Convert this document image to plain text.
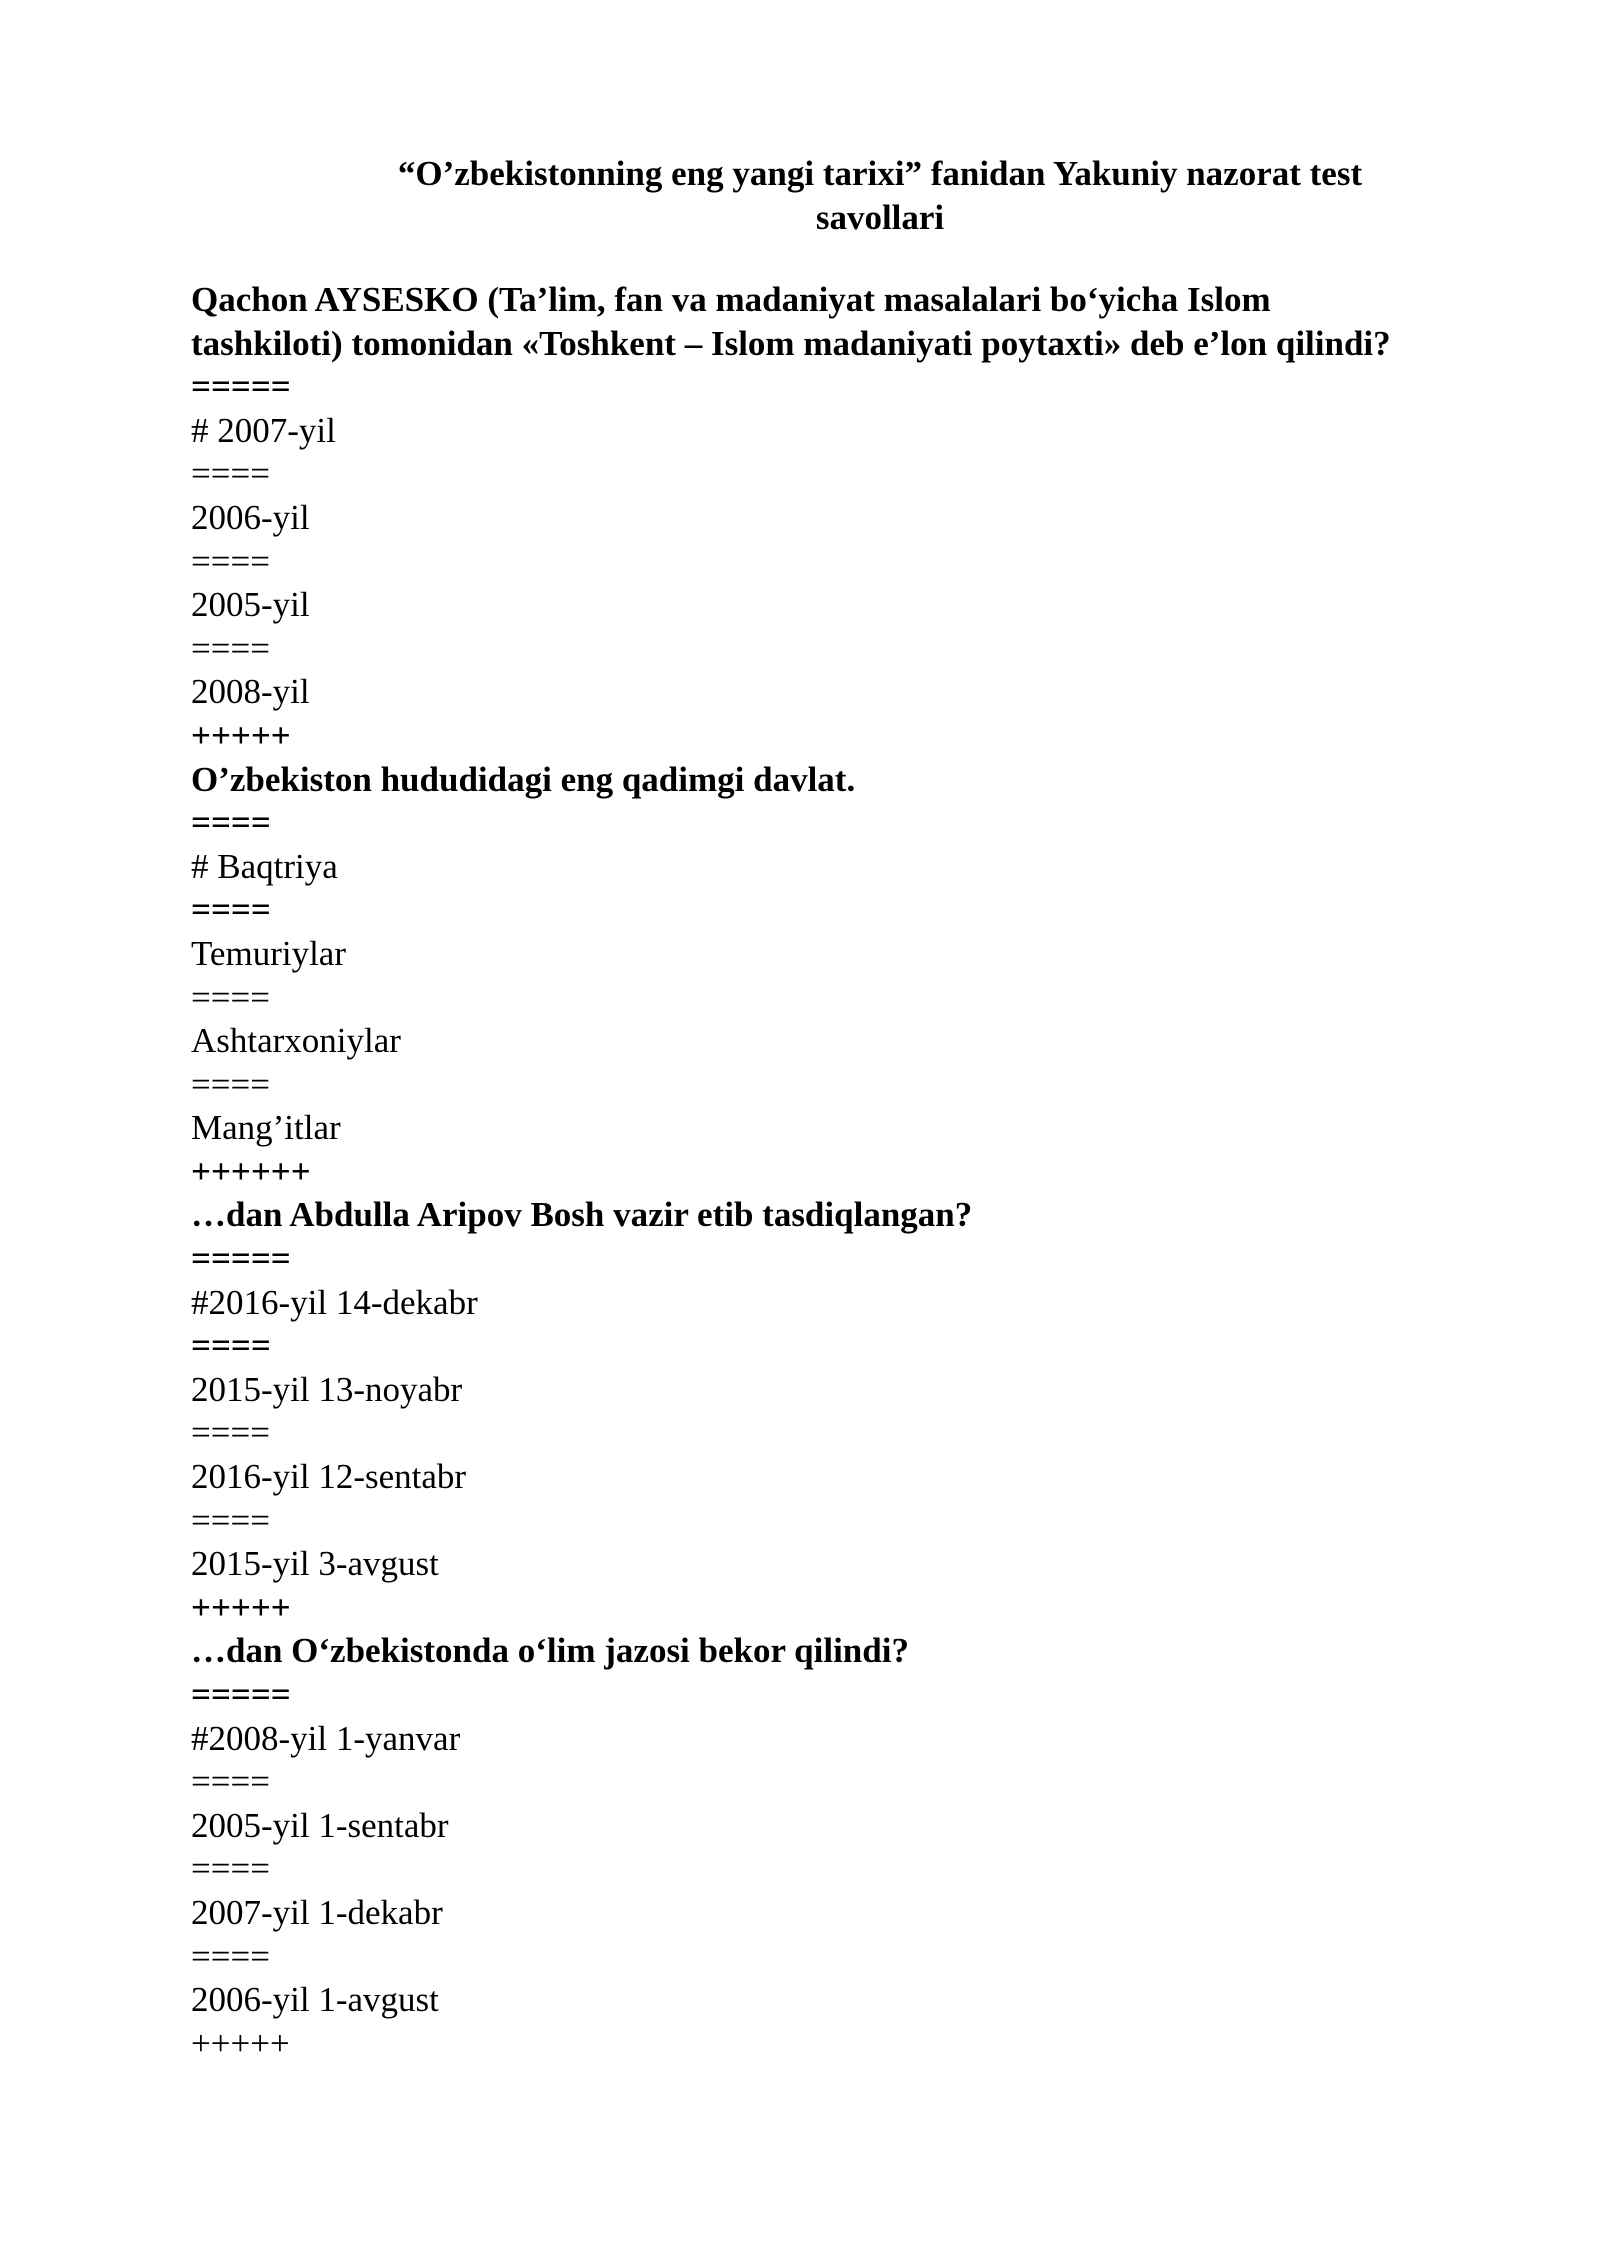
“O’zbekistonning eng yangi tarixi” fanidan Yakuniy nazorat test
savollari
Qachon AYSESKO (Ta’lim, fan va madaniyat masalalari bo‘yicha Islom
tashkiloti) tomonidan «Toshkent – Islom madaniyati poytaxti» deb e’lon qilindi?
=====
# 2007-yil
====
2006-yil
====
2005-yil
====
2008-yil
+++++
O’zbekiston hududidagi eng qadimgi davlat.
====
# Baqtriya
====
Temuriylar
====
Ashtarxoniylar
====
Mang’itlar
++++++
…dan Abdulla Aripov Bosh vazir etib tasdiqlangan?
=====
#2016-yil 14-dekabr
====
2015-yil 13-noyabr
====
2016-yil 12-sentabr
====
2015-yil 3-avgust
+++++
…dan O‘zbekistonda o‘lim jazosi bekor qilindi?
=====
#2008-yil 1-yanvar
====
2005-yil 1-sentabr
====
2007-yil 1-dekabr
====
2006-yil 1-avgust
+++++
